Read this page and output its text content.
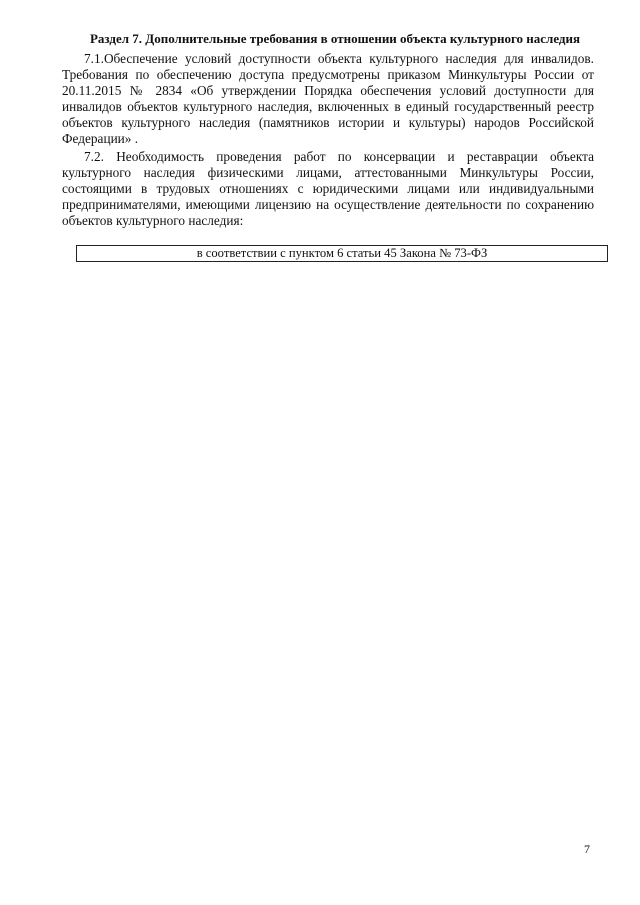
Раздел 7. Дополнительные требования в отношении объекта культурного наследия

7.1.Обеспечение условий доступности объекта культурного наследия для инвалидов. Требования по обеспечению доступа предусмотрены приказом Минкультуры России от 20.11.2015 № 2834 «Об утверждении Порядка обеспечения условий доступности для инвалидов объектов культурного наследия, включенных в единый государственный реестр объектов культурного наследия (памятников истории и культуры) народов Российской Федерации» .

7.2. Необходимость проведения работ по консервации и реставрации объекта культурного наследия физическими лицами, аттестованными Минкультуры России, состоящими в трудовых отношениях с юридическими лицами или индивидуальными предпринимателями, имеющими лицензию на осуществление деятельности по сохранению объектов культурного наследия:

в соответствии с пунктом 6 статьи 45 Закона № 73-ФЗ
7
